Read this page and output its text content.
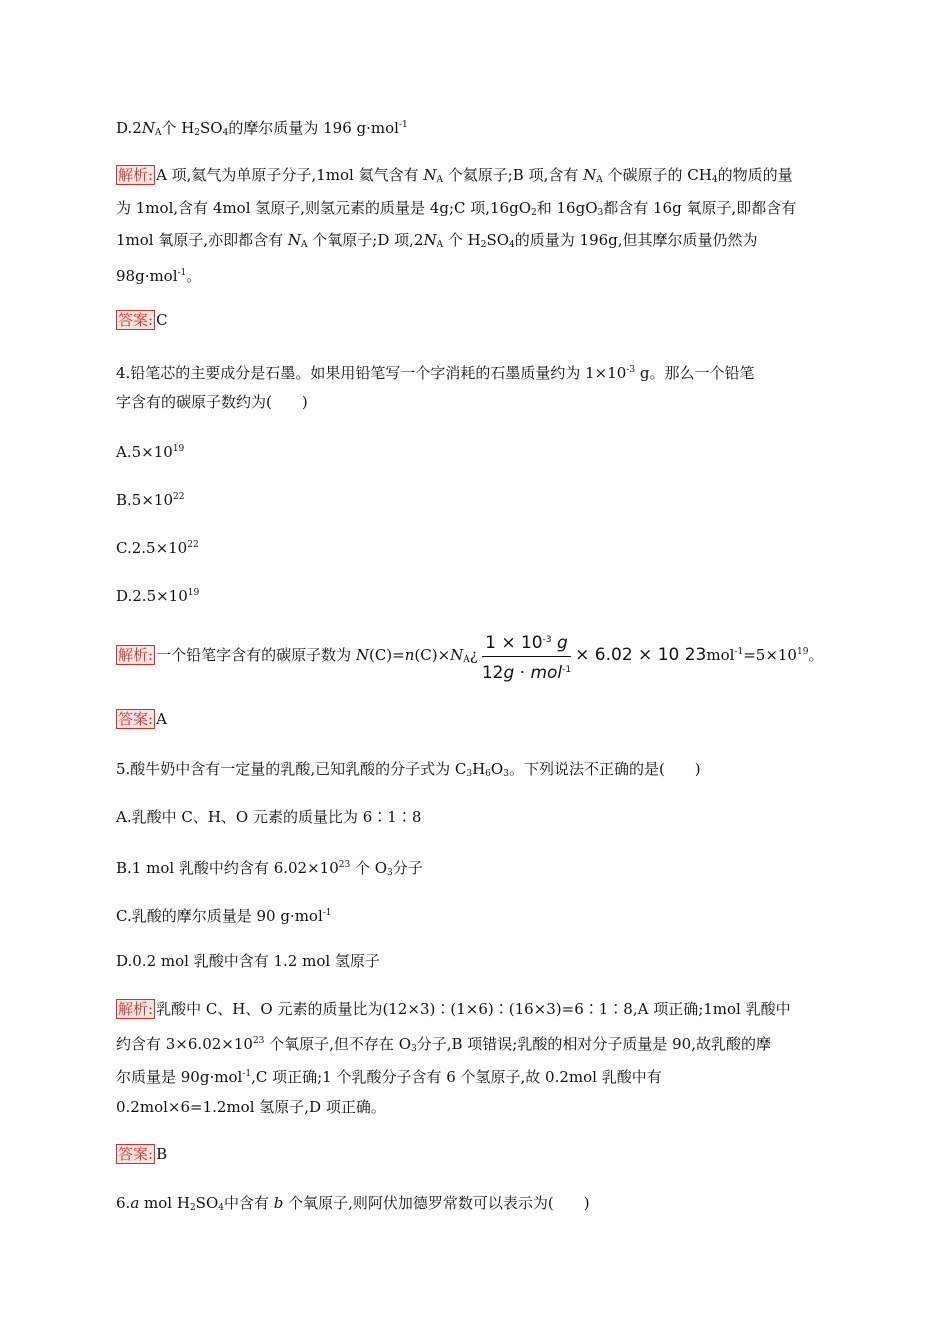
$D.2N_A$个 $H_2SO_4$的摩尔质量为 196 g·mol$^{-1}$
解析: A 项,氦气为单原子分子,1mol 氦气含有 $N_A$ 个氦原子;B 项,含有 $N_A$ 个碳原子的 $CH_4$的物质的量
为 1mol,含有 4mol 氢原子,则氢元素的质量是 4g;C 项$,16gO_2$和 $16gO_3$都含有 16g 氧原子,即都含有
1mol 氧原子,亦即都含有 $N_A$ 个氧原子;D 项$,2N_A$ 个 $H_2SO_4$的质量为 196g,但其摩尔质量仍然为
98g·mol$^{-1}$。
答案: C
4.铅笔芯的主要成分是石墨。如果用铅笔写一个字消耗的石墨质量约为 $1\times 10^{-3}$ g。那么一个铅笔
字含有的碳原子数约为(　　)
$A.5\times 10^{19}$
$B.5\times 10^{22}$
$C.2.5\times 10^{22}$
$D.2.5\times 10^{19}$
解析: 一个铅笔字含有的碳原子数为 $N(C)=n(C)\times N_A¿ \frac{1 \times 10^{-3} g}{12g \cdot mol^{-1}} \times 6.02 \times 10$ $23mol^{-1}=5\times 10^{19}$。
答案: A
5.酸牛奶中含有一定量的乳酸,已知乳酸的分子式为 $C_3H_6O_3$。下列说法不正确的是(　　)
A.乳酸中 C、H、O 元素的质量比为 6∶1∶8
B.1 mol 乳酸中约含有 $6.02\times 10^{23}$ 个 $O_3$分子
C.乳酸的摩尔质量是 90 g·mol$^{-1}$
D.0.2 mol 乳酸中含有 1.2 mol 氢原子
解析: 乳酸中 C、H、O 元素的质量比为(12×3)∶(1×6)∶(16×3)=6∶1∶8,A 项正确;1mol 乳酸中
约含有 $3\times 6.02\times 10^{23}$ 个氧原子,但不存在 $O_3$分子,B 项错误;乳酸的相对分子质量是 90,故乳酸的摩
尔质量是 90g·mol$^{-1}$,C 项正确;1 个乳酸分子含有 6 个氢原子,故 0.2mol 乳酸中有
0.2mol×6=1.2mol 氢原子,D 项正确。
答案: B
6.a mol $H_2SO_4$中含有 b 个氧原子,则阿伏加德罗常数可以表示为(　　)
